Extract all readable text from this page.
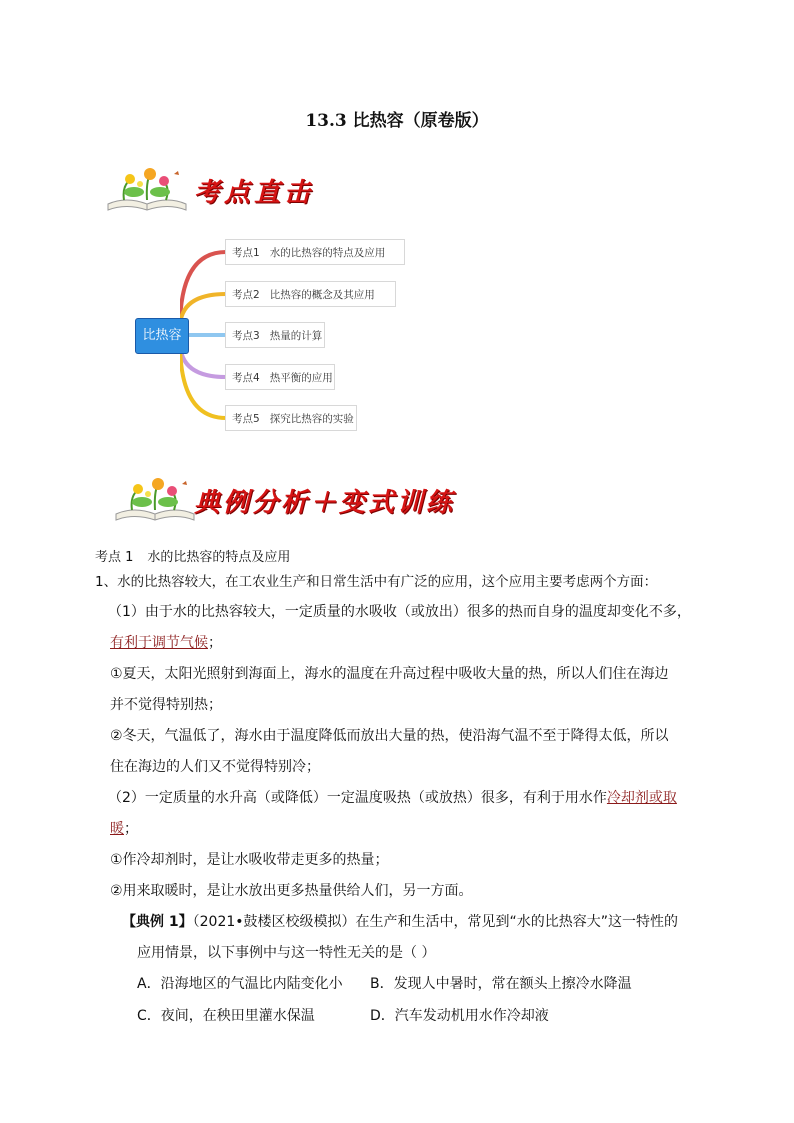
13.3 比热容（原卷版）
考点直击
比热容
考点1 水的比热容的特点及应用
考点2 比热容的概念及其应用
考点3 热量的计算
考点4 热平衡的应用
考点5 探究比热容的实验
典例分析＋变式训练
考点 1 水的比热容的特点及应用
1、水的比热容较大，在工农业生产和日常生活中有广泛的应用，这个应用主要考虑两个方面：
（1）由于水的比热容较大，一定质量的水吸收（或放出）很多的热而自身的温度却变化不多，
有利于调节气候；
①夏天，太阳光照射到海面上，海水的温度在升高过程中吸收大量的热，所以人们住在海边
并不觉得特别热；
②冬天，气温低了，海水由于温度降低而放出大量的热，使沿海气温不至于降得太低，所以
住在海边的人们又不觉得特别冷；
（2）一定质量的水升高（或降低）一定温度吸热（或放热）很多，有利于用水作冷却剂或取
暖；
①作冷却剂时，是让水吸收带走更多的热量；
②用来取暖时，是让水放出更多热量供给人们，另一方面。
【典例 1】（2021•鼓楼区校级模拟）在生产和生活中，常见到“水的比热容大”这一特性的
应用情景，以下事例中与这一特性无关的是（ ）
A．沿海地区的气温比内陆变化小 B．发现人中暑时，常在额头上擦冷水降温
C．夜间，在秧田里灌水保温	D．汽车发动机用水作冷却液
